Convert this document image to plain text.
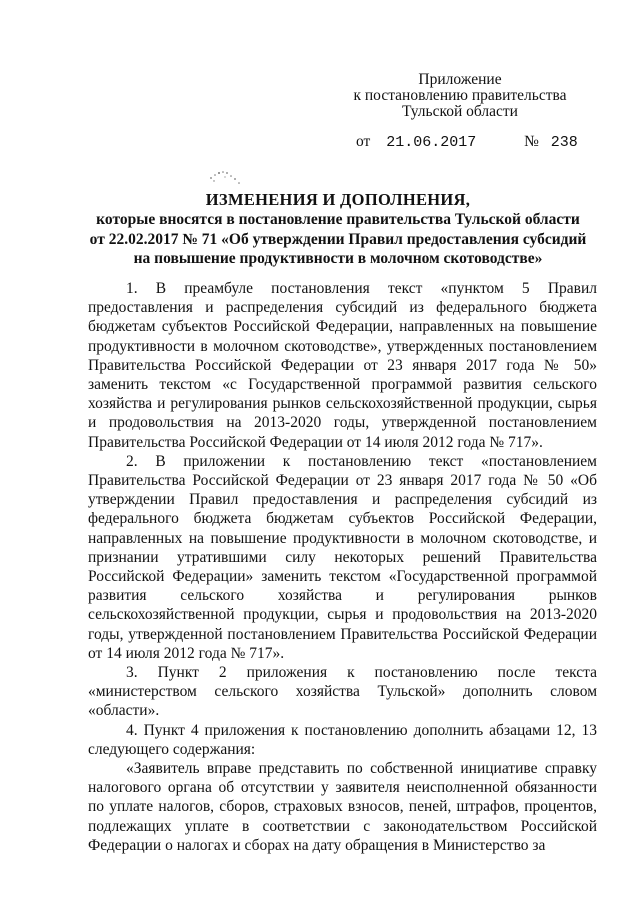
Приложение
к постановлению правительства
Тульской области
от 21.06.2017	№ 238
ИЗМЕНЕНИЯ И ДОПОЛНЕНИЯ,
которые вносятся в постановление правительства Тульской области
от 22.02.2017 № 71 «Об утверждении Правил предоставления субсидий
на повышение продуктивности в молочном скотоводстве»

1. В преамбуле постановления текст «пунктом 5 Правил предоставления и распределения субсидий из федерального бюджета бюджетам субъектов Российской Федерации, направленных на повышение продуктивности в молочном скотоводстве», утвержденных постановлением Правительства Российской Федерации от 23 января 2017 года № 50» заменить текстом «с Государственной программой развития сельского хозяйства и регулирования рынков сельскохозяйственной продукции, сырья и продовольствия на 2013-2020 годы, утвержденной постановлением Правительства Российской Федерации от 14 июля 2012 года № 717».

2. В приложении к постановлению текст «постановлением Правительства Российской Федерации от 23 января 2017 года № 50 «Об утверждении Правил предоставления и распределения субсидий из федерального бюджета бюджетам субъектов Российской Федерации, направленных на повышение продуктивности в молочном скотоводстве, и признании утратившими силу некоторых решений Правительства Российской Федерации» заменить текстом «Государственной программой развития сельского хозяйства и регулирования рынков сельскохозяйственной продукции, сырья и продовольствия на 2013-2020 годы, утвержденной постановлением Правительства Российской Федерации от 14 июля 2012 года № 717».

3. Пункт 2 приложения к постановлению после текста «министерством сельского хозяйства Тульской» дополнить словом «области».

4. Пункт 4 приложения к постановлению дополнить абзацами 12, 13 следующего содержания:

«Заявитель вправе представить по собственной инициативе справку налогового органа об отсутствии у заявителя неисполненной обязанности по уплате налогов, сборов, страховых взносов, пеней, штрафов, процентов, подлежащих уплате в соответствии с законодательством Российской Федерации о налогах и сборах на дату обращения в Министерство за
